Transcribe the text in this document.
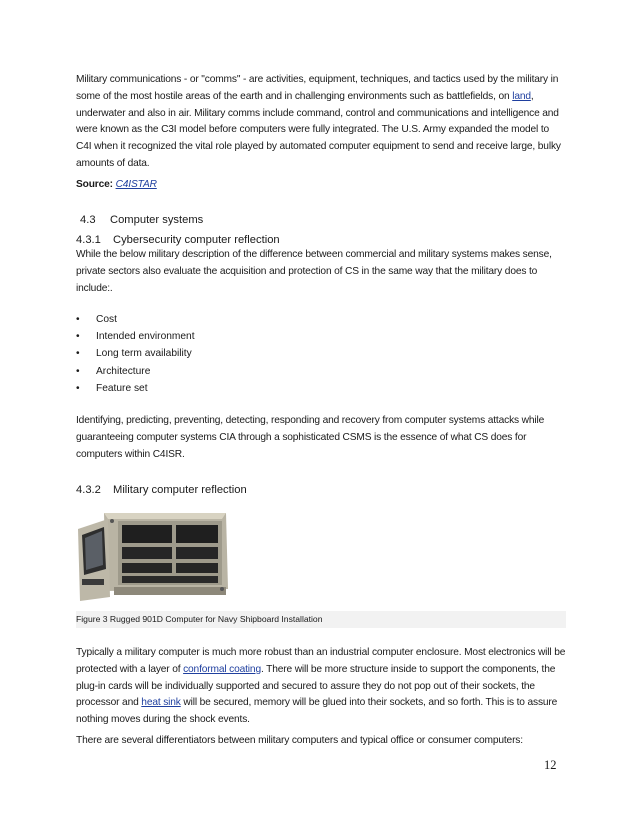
Military communications - or "comms" - are activities, equipment, techniques, and tactics used by the military in some of the most hostile areas of the earth and in challenging environments such as battlefields, on land, underwater and also in air. Military comms include command, control and communications and intelligence and were known as the C3I model before computers were fully integrated. The U.S. Army expanded the model to C4I when it recognized the vital role played by automated computer equipment to send and receive large, bulky amounts of data.

Source: C4ISTAR

4.3 Computer systems
4.3.1 Cybersecurity computer reflection

While the below military description of the difference between commercial and military systems makes sense, private sectors also evaluate the acquisition and protection of CS in the same way that the military does to include:.

• Cost
• Intended environment
• Long term availability
• Architecture
• Feature set

Identifying, predicting, preventing, detecting, responding and recovery from computer systems attacks while guaranteeing computer systems CIA through a sophisticated CSMS is the essence of what CS does for computers within C4ISR.

4.3.2 Military computer reflection
Figure 3 Rugged 901D Computer for Navy Shipboard Installation

Typically a military computer is much more robust than an industrial computer enclosure. Most electronics will be protected with a layer of conformal coating. There will be more structure inside to support the components, the plug-in cards will be individually supported and secured to assure they do not pop out of their sockets, the processor and heat sink will be secured, memory will be glued into their sockets, and so forth. This is to assure nothing moves during the shock events.

There are several differentiators between military computers and typical office or consumer computers:

12
